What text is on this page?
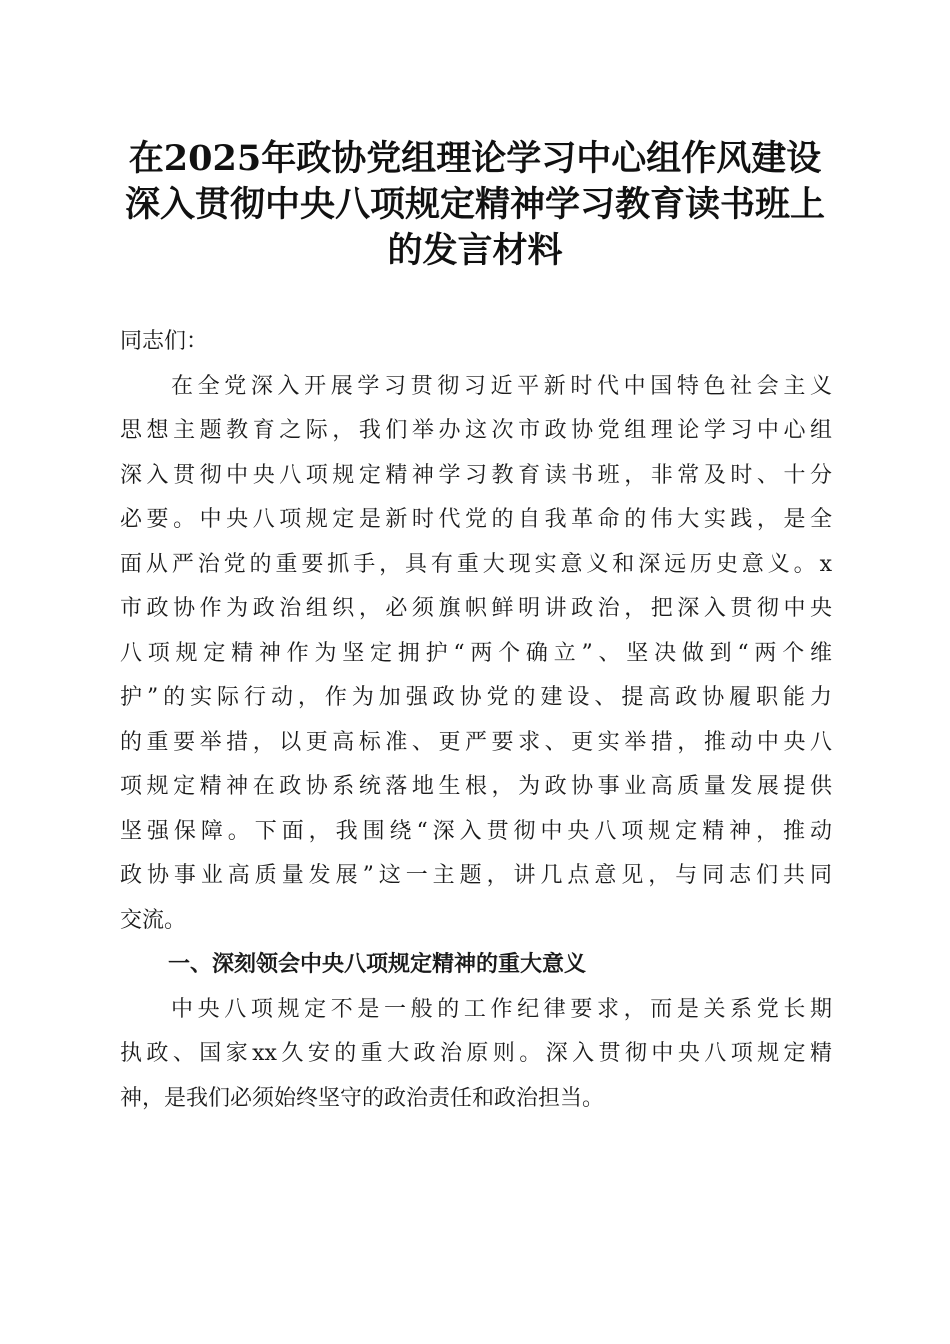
在2025年政协党组理论学习中心组作风建设
深入贯彻中央八项规定精神学习教育读书班上
的发言材料

同志们：

在全党深入开展学习贯彻习近平新时代中国特色社会主义
思想主题教育之际，我们举办这次市政协党组理论学习中心组
深入贯彻中央八项规定精神学习教育读书班，非常及时、十分
必要。中央八项规定是新时代党的自我革命的伟大实践，是全
面从严治党的重要抓手，具有重大现实意义和深远历史意义。x
市政协作为政治组织，必须旗帜鲜明讲政治，把深入贯彻中央
八项规定精神作为坚定拥护“两个确立”、坚决做到“两个维
护”的实际行动，作为加强政协党的建设、提高政协履职能力
的重要举措，以更高标准、更严要求、更实举措，推动中央八
项规定精神在政协系统落地生根，为政协事业高质量发展提供
坚强保障。下面，我围绕“深入贯彻中央八项规定精神，推动
政协事业高质量发展”这一主题，讲几点意见，与同志们共同
交流。

一、深刻领会中央八项规定精神的重大意义

中央八项规定不是一般的工作纪律要求，而是关系党长期
执政、国家xx久安的重大政治原则。深入贯彻中央八项规定精
神，是我们必须始终坚守的政治责任和政治担当。
